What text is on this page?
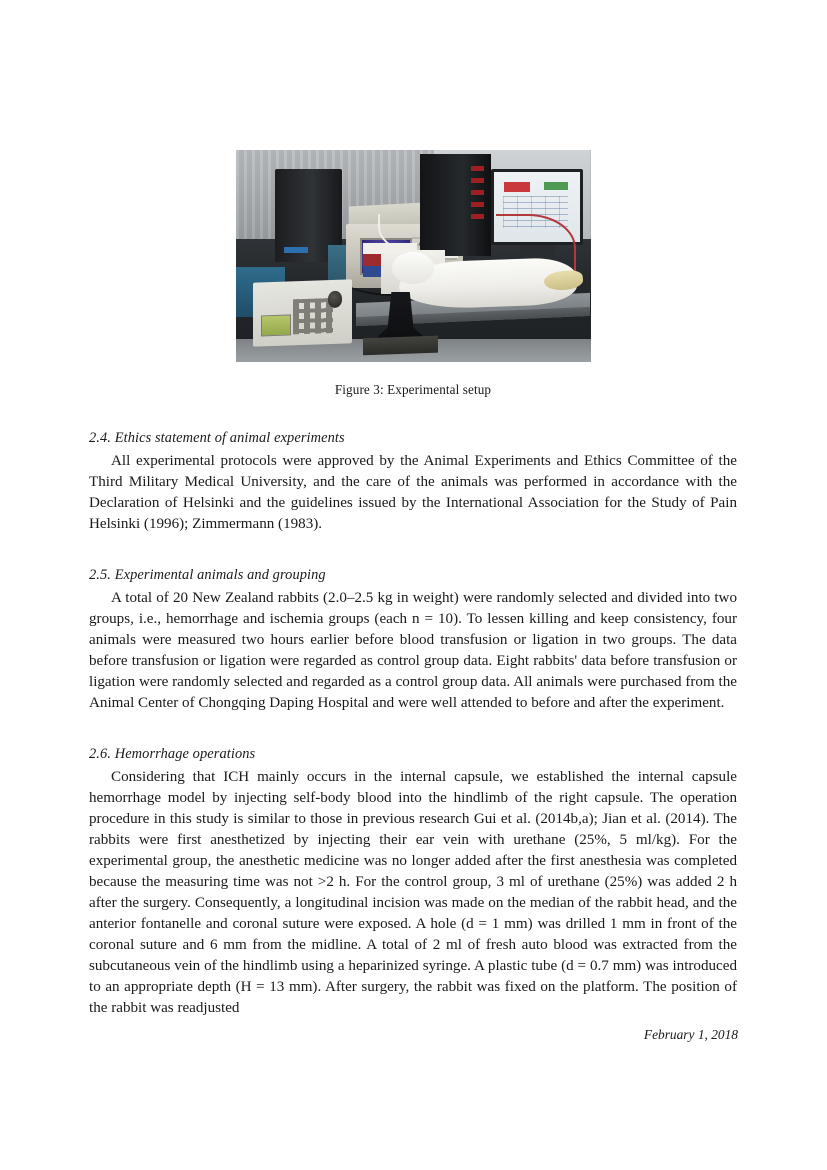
Figure 3: Experimental setup
2.4. Ethics statement of animal experiments

All experimental protocols were approved by the Animal Experiments and Ethics Committee of the Third Military Medical University, and the care of the animals was performed in accordance with the Declaration of Helsinki and the guidelines issued by the International Association for the Study of Pain Helsinki (1996); Zimmermann (1983).

2.5. Experimental animals and grouping

A total of 20 New Zealand rabbits (2.0–2.5 kg in weight) were randomly selected and divided into two groups, i.e., hemorrhage and ischemia groups (each n = 10). To lessen killing and keep consistency, four animals were measured two hours earlier before blood transfusion or ligation in two groups. The data before transfusion or ligation were regarded as control group data. Eight rabbits' data before transfusion or ligation were randomly selected and regarded as a control group data. All animals were purchased from the Animal Center of Chongqing Daping Hospital and were well attended to before and after the experiment.

2.6. Hemorrhage operations

Considering that ICH mainly occurs in the internal capsule, we established the internal capsule hemorrhage model by injecting self-body blood into the hindlimb of the right capsule. The operation procedure in this study is similar to those in previous research Gui et al. (2014b,a); Jian et al. (2014). The rabbits were first anesthetized by injecting their ear vein with urethane (25%, 5 ml/kg). For the experimental group, the anesthetic medicine was no longer added after the first anesthesia was completed because the measuring time was not >2 h. For the control group, 3 ml of urethane (25%) was added 2 h after the surgery. Consequently, a longitudinal incision was made on the median of the rabbit head, and the anterior fontanelle and coronal suture were exposed. A hole (d = 1 mm) was drilled 1 mm in front of the coronal suture and 6 mm from the midline. A total of 2 ml of fresh auto blood was extracted from the subcutaneous vein of the hindlimb using a heparinized syringe. A plastic tube (d = 0.7 mm) was introduced to an appropriate depth (H = 13 mm). After surgery, the rabbit was fixed on the platform. The position of the rabbit was readjusted

February 1, 2018
